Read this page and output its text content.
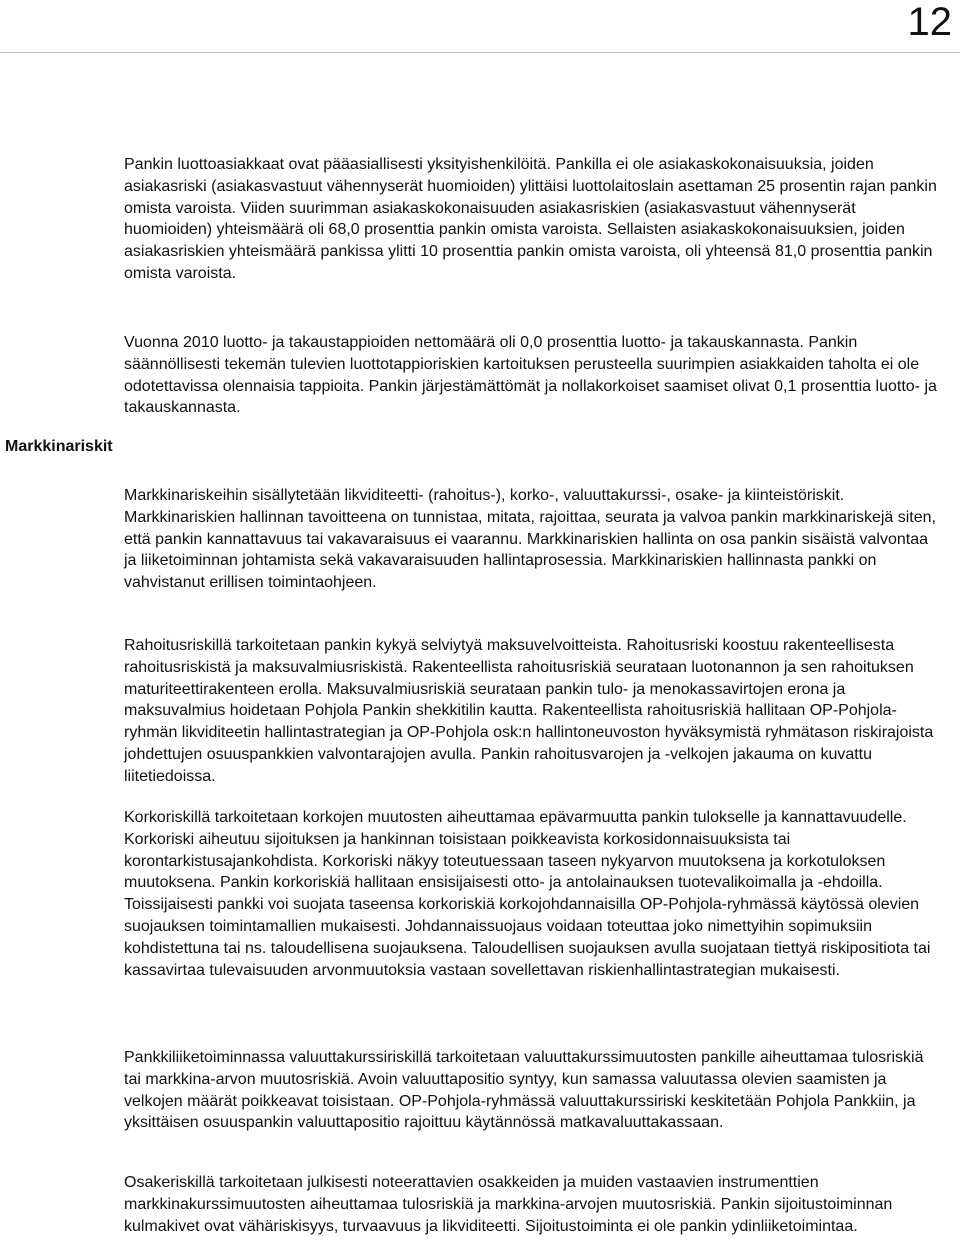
12
Markkinariskit

Pankin luottoasiakkaat ovat pääasiallisesti yksityishenkilöitä. Pankilla ei ole asiakaskokonaisuuksia, joiden asiakasriski (asiakasvastuut vähennyserät huomioiden) ylittäisi luottolaitoslain asettaman 25 prosentin rajan pankin omista varoista. Viiden suurimman asiakaskokonaisuuden asiakasriskien (asiakasvastuut vähennyserät huomioiden) yhteismäärä oli 68,0 prosenttia pankin omista varoista. Sellaisten asiakaskokonaisuuksien, joiden asiakasriskien yhteismäärä pankissa ylitti 10 prosenttia pankin omista varoista, oli yhteensä 81,0 prosenttia pankin omista varoista.

Vuonna 2010 luotto- ja takaustappioiden nettomäärä oli 0,0 prosenttia luotto- ja takauskannasta. Pankin säännöllisesti tekemän tulevien luottotappioriskien kartoituksen perusteella suurimpien asiakkaiden taholta ei ole odotettavissa olennaisia tappioita. Pankin järjestämättömät ja nollakorkoiset saamiset olivat 0,1 prosenttia luotto- ja takauskannasta.

Markkinariskeihin sisällytetään likviditeetti- (rahoitus-), korko-, valuuttakurssi-, osake- ja kiinteistöriskit. Markkinariskien hallinnan tavoitteena on tunnistaa, mitata, rajoittaa, seurata ja valvoa pankin markkinariskejä siten, että pankin kannattavuus tai vakavaraisuus ei vaarannu. Markkinariskien hallinta on osa pankin sisäistä valvontaa ja liiketoiminnan johtamista sekä vakavaraisuuden hallintaprosessia. Markkinariskien hallinnasta pankki on vahvistanut erillisen toimintaohjeen.

Rahoitusriskillä tarkoitetaan pankin kykyä selviytyä maksuvelvoitteista. Rahoitusriski koostuu rakenteellisesta rahoitusriskistä ja maksuvalmiusriskistä. Rakenteellista rahoitusriskiä seurataan luotonannon ja sen rahoituksen maturiteettirakenteen erolla. Maksuvalmiusriskiä seurataan pankin tulo- ja menokassavirtojen erona ja maksuvalmius hoidetaan Pohjola Pankin shekkitilin kautta. Rakenteellista rahoitusriskiä hallitaan OP-Pohjola-ryhmän likviditeetin hallintastrategian ja OP-Pohjola osk:n hallintoneuvoston hyväksymistä ryhmätason riskirajoista johdettujen osuuspankkien valvontarajojen avulla. Pankin rahoitusvarojen ja -velkojen jakauma on kuvattu liitetiedoissa.

Korkoriskillä tarkoitetaan korkojen muutosten aiheuttamaa epävarmuutta pankin tulokselle ja kannattavuudelle. Korkoriski aiheutuu sijoituksen ja hankinnan toisistaan poikkeavista korkosidonnaisuuksista tai korontarkistusajankohdista. Korkoriski näkyy toteutuessaan taseen nykyarvon muutoksena ja korkotuloksen muutoksena. Pankin korkoriskiä hallitaan ensisijaisesti otto- ja antolainauksen tuotevalikoimalla ja -ehdoilla. Toissijaisesti pankki voi suojata taseensa korkoriskiä korkojohdannaisilla OP-Pohjola-ryhmässä käytössä olevien suojauksen toimintamallien mukaisesti. Johdannaissuojaus voidaan toteuttaa joko nimettyihin sopimuksiin kohdistettuna tai ns. taloudellisena suojauksena. Taloudellisen suojauksen avulla suojataan tiettyä riskipositiota tai kassavirtaa tulevaisuuden arvonmuutoksia vastaan sovellettavan riskienhallintastrategian mukaisesti.

Pankkiliiketoiminnassa valuuttakurssiriskillä tarkoitetaan valuuttakurssimuutosten pankille aiheuttamaa tulosriskiä tai markkina-arvon muutosriskiä. Avoin valuuttapositio syntyy, kun samassa valuutassa olevien saamisten ja velkojen määrät poikkeavat toisistaan. OP-Pohjola-ryhmässä valuuttakurssiriski keskitetään Pohjola Pankkiin, ja yksittäisen osuuspankin valuuttapositio rajoittuu käytännössä matkavaluuttakassaan.

Osakeriskillä tarkoitetaan julkisesti noteerattavien osakkeiden ja muiden vastaavien instrumenttien markkinakurssimuutosten aiheuttamaa tulosriskiä ja markkina-arvojen muutosriskiä. Pankin sijoitustoiminnan kulmakivet ovat vähäriskisyys, turvaavuus ja likviditeetti. Sijoitustoiminta ei ole pankin ydinliiketoimintaa.
